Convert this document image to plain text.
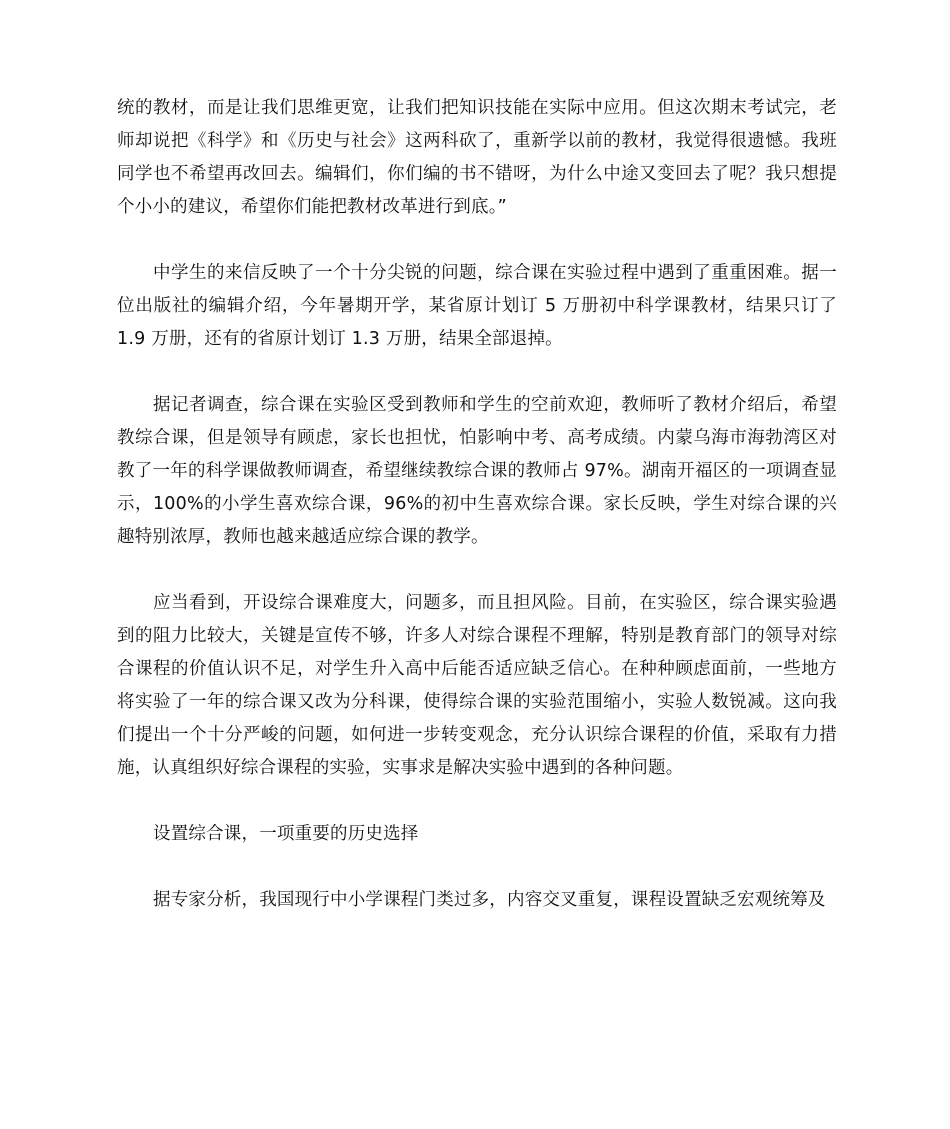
统的教材，而是让我们思维更宽，让我们把知识技能在实际中应用。但这次期末考试完，老师却说把《科学》和《历史与社会》这两科砍了，重新学以前的教材，我觉得很遗憾。我班同学也不希望再改回去。编辑们，你们编的书不错呀，为什么中途又变回去了呢？我只想提个小小的建议，希望你们能把教材改革进行到底。”

中学生的来信反映了一个十分尖锐的问题，综合课在实验过程中遇到了重重困难。据一位出版社的编辑介绍，今年暑期开学，某省原计划订 5 万册初中科学课教材，结果只订了 1.9 万册，还有的省原计划订 1.3 万册，结果全部退掉。

据记者调查，综合课在实验区受到教师和学生的空前欢迎，教师听了教材介绍后，希望教综合课，但是领导有顾虑，家长也担忧，怕影响中考、高考成绩。内蒙乌海市海勃湾区对教了一年的科学课做教师调查，希望继续教综合课的教师占 97%。湖南开福区的一项调查显示，100%的小学生喜欢综合课，96%的初中生喜欢综合课。家长反映，学生对综合课的兴趣特别浓厚，教师也越来越适应综合课的教学。

应当看到，开设综合课难度大，问题多，而且担风险。目前，在实验区，综合课实验遇到的阻力比较大，关键是宣传不够，许多人对综合课程不理解，特别是教育部门的领导对综合课程的价值认识不足，对学生升入高中后能否适应缺乏信心。在种种顾虑面前，一些地方将实验了一年的综合课又改为分科课，使得综合课的实验范围缩小，实验人数锐减。这向我们提出一个十分严峻的问题，如何进一步转变观念，充分认识综合课程的价值，采取有力措施，认真组织好综合课程的实验，实事求是解决实验中遇到的各种问题。

设置综合课，一项重要的历史选择

据专家分析，我国现行中小学课程门类过多，内容交叉重复，课程设置缺乏宏观统筹及
